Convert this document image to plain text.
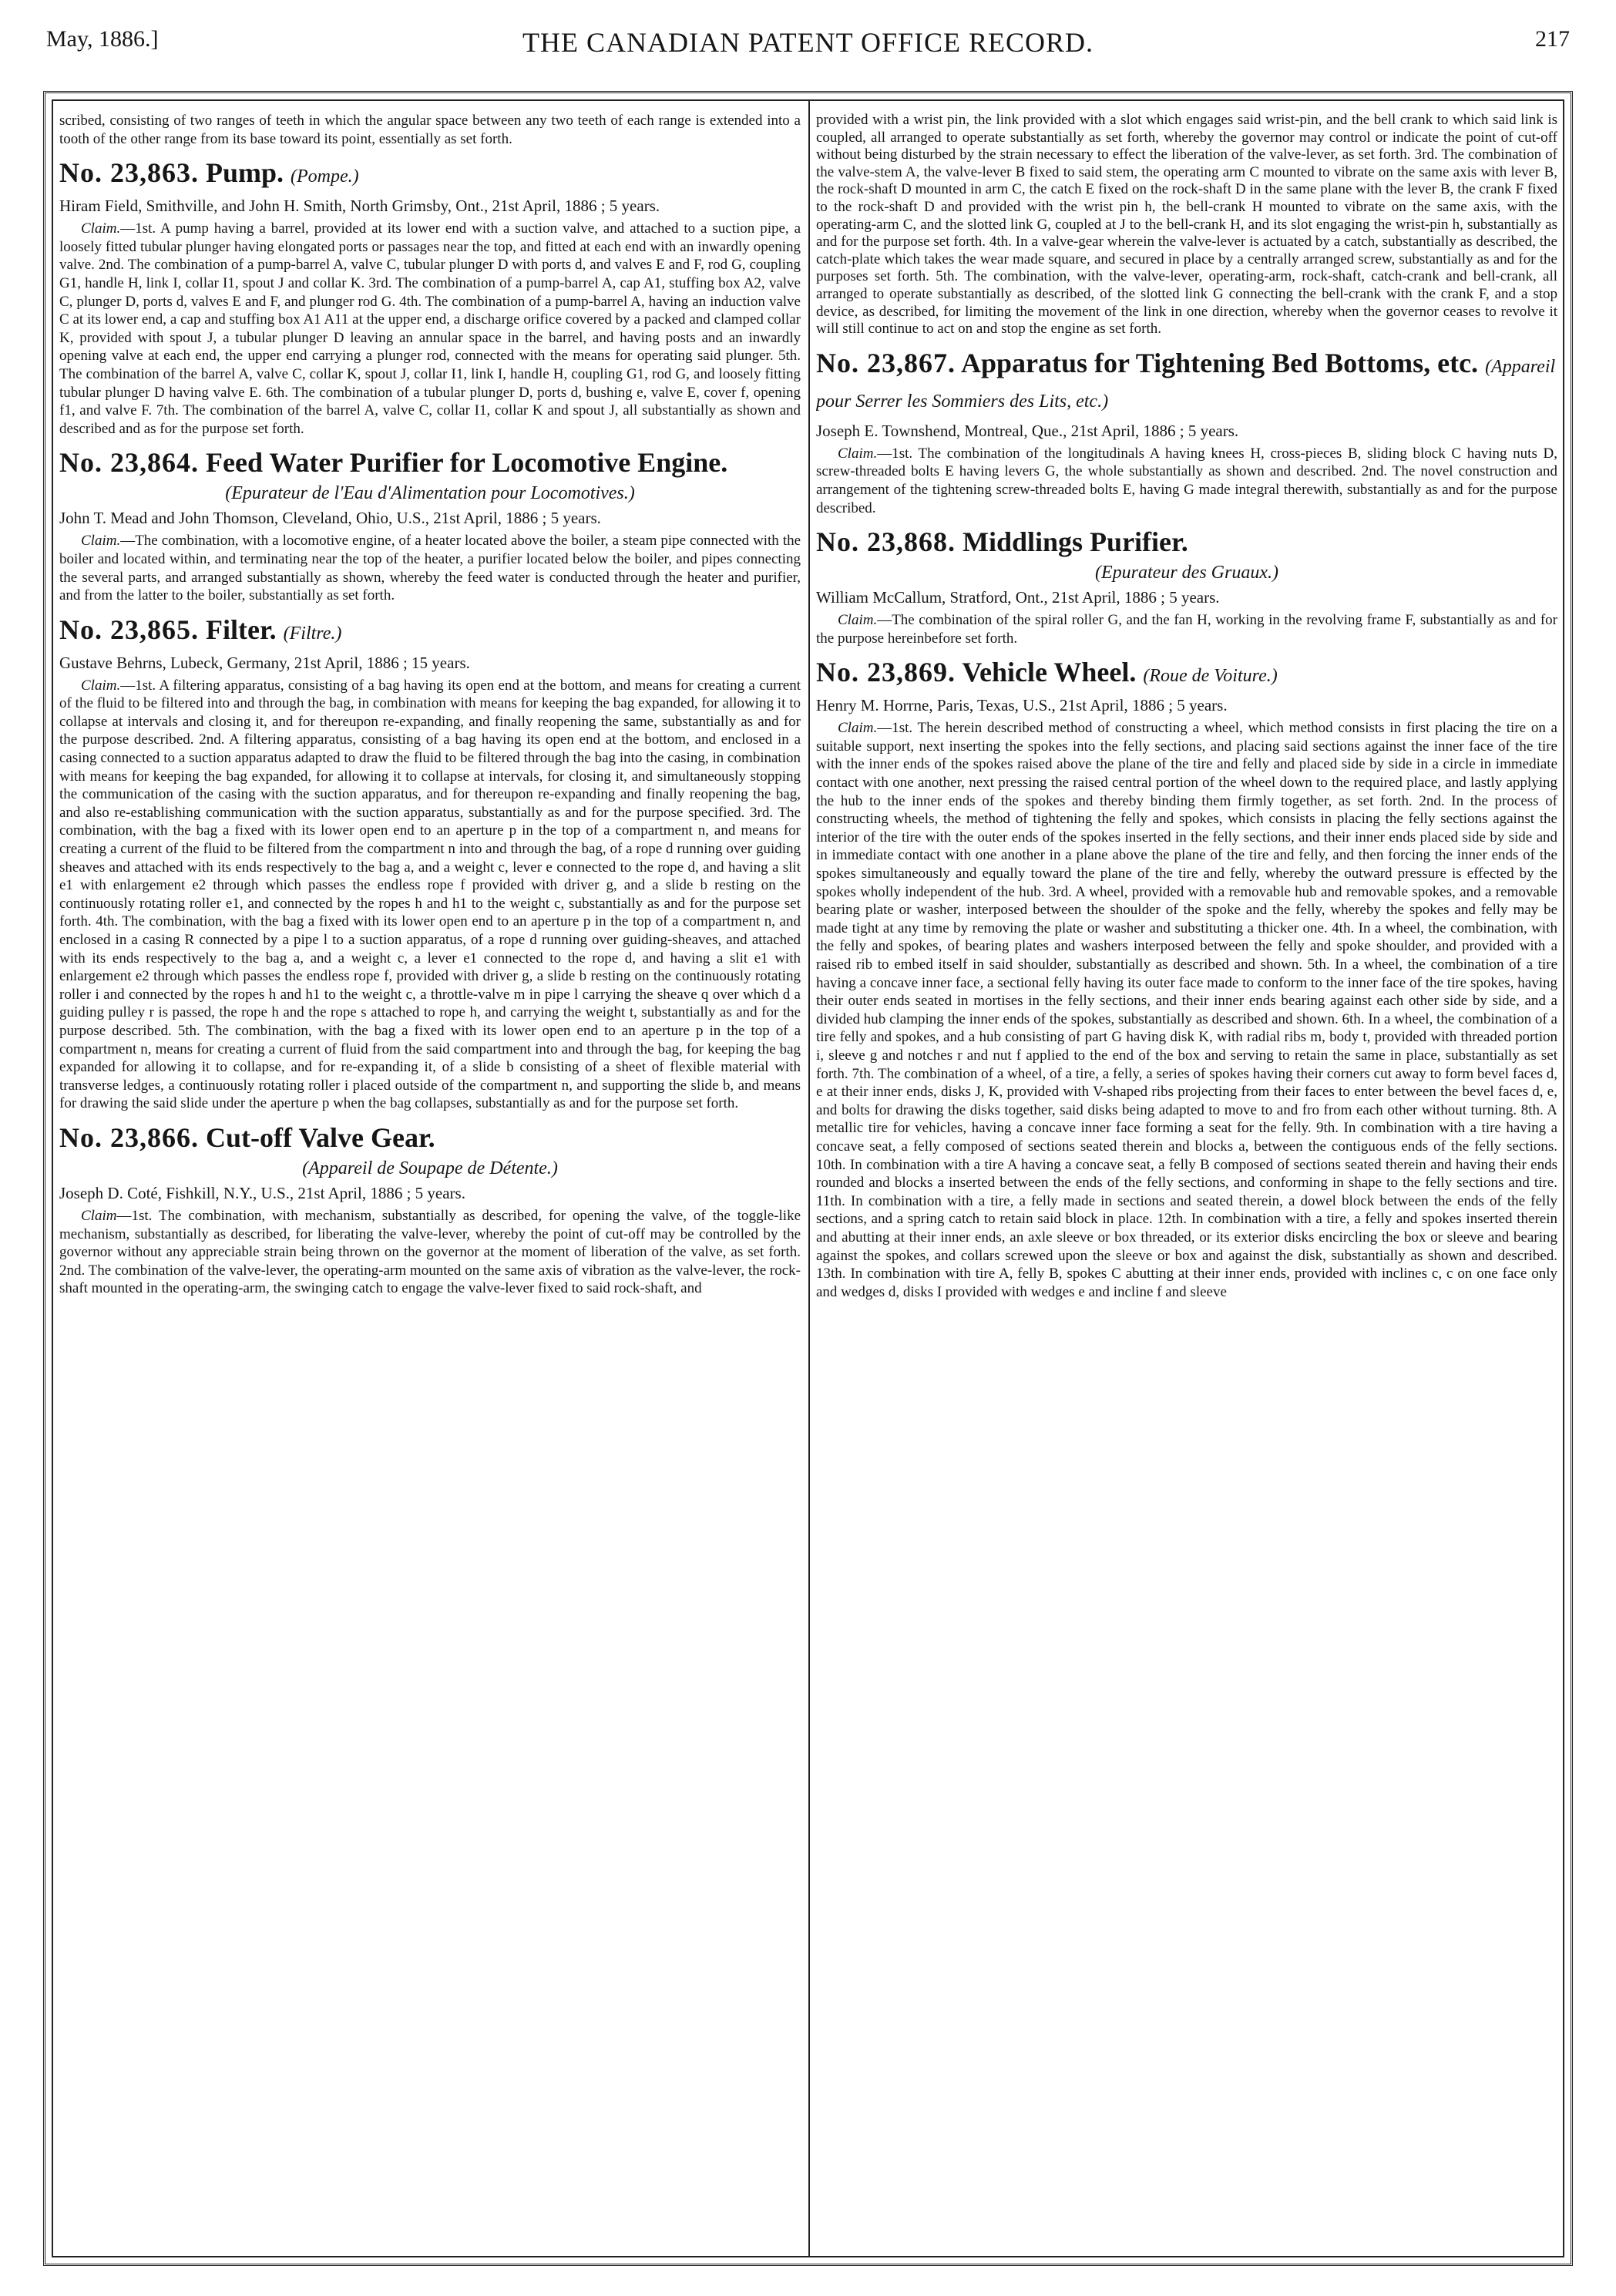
May, 1886.]	THE CANADIAN PATENT OFFICE RECORD.	217

scribed, consisting of two ranges of teeth in which the angular space between any two teeth of each range is extended into a tooth of the other range from its base toward its point, essentially as set forth.

No. 23,863. Pump. (Pompe.)
Hiram Field, Smithville, and John H. Smith, North Grimsby, Ont., 21st April, 1886 ; 5 years.

Claim.—1st. A pump having a barrel, provided at its lower end with a suction valve, and attached to a suction pipe, a loosely fitted tubular plunger having elongated ports or passages near the top, and fitted at each end with an inwardly opening valve. 2nd. The combination of a pump-barrel A, valve C, tubular plunger D with ports d, and valves E and F, rod G, coupling G1, handle H, link I, collar I1, spout J and collar K. 3rd. The combination of a pump-barrel A, cap A1, stuffing box A2, valve C, plunger D, ports d, valves E and F, and plunger rod G. 4th. The combination of a pump-barrel A, having an induction valve C at its lower end, a cap and stuffing box A1 A11 at the upper end, a discharge orifice covered by a packed and clamped collar K, provided with spout J, a tubular plunger D leaving an annular space in the barrel, and having posts and an inwardly opening valve at each end, the upper end carrying a plunger rod, connected with the means for operating said plunger. 5th. The combination of the barrel A, valve C, collar K, spout J, collar I1, link I, handle H, coupling G1, rod G, and loosely fitting tubular plunger D having valve E. 6th. The combination of a tubular plunger D, ports d, bushing e, valve E, cover f, opening f1, and valve F. 7th. The combination of the barrel A, valve C, collar I1, collar K and spout J, all substantially as shown and described and as for the purpose set forth.

No. 23,864. Feed Water Purifier for Locomotive Engine.
(Epurateur de l'Eau d'Alimentation pour Locomotives.)
John T. Mead and John Thomson, Cleveland, Ohio, U.S., 21st April, 1886 ; 5 years.

Claim.—The combination, with a locomotive engine, of a heater located above the boiler, a steam pipe connected with the boiler and located within, and terminating near the top of the heater, a purifier located below the boiler, and pipes connecting the several parts, and arranged substantially as shown, whereby the feed water is conducted through the heater and purifier, and from the latter to the boiler, substantially as set forth.

No. 23,865. Filter. (Filtre.)
Gustave Behrns, Lubeck, Germany, 21st April, 1886 ; 15 years.

Claim.—1st. A filtering apparatus, consisting of a bag having its open end at the bottom, and means for creating a current of the fluid to be filtered into and through the bag, in combination with means for keeping the bag expanded, for allowing it to collapse at intervals and closing it, and for thereupon re-expanding, and finally reopening the same, substantially as and for the purpose described. 2nd. A filtering apparatus, consisting of a bag having its open end at the bottom, and enclosed in a casing connected to a suction apparatus adapted to draw the fluid to be filtered through the bag into the casing, in combination with means for keeping the bag expanded, for allowing it to collapse at intervals, for closing it, and simultaneously stopping the communication of the casing with the suction apparatus, and for thereupon re-expanding and finally reopening the bag, and also re-establishing communication with the suction apparatus, substantially as and for the purpose specified. 3rd. The combination, with the bag a fixed with its lower open end to an aperture p in the top of a compartment n, and means for creating a current of the fluid to be filtered from the compartment n into and through the bag, of a rope d running over guiding sheaves and attached with its ends respectively to the bag a, and a weight c, lever e connected to the rope d, and having a slit e1 with enlargement e2 through which passes the endless rope f provided with driver g, and a slide b resting on the continuously rotating roller e1, and connected by the ropes h and h1 to the weight c, substantially as and for the purpose set forth. 4th. The combination, with the bag a fixed with its lower open end to an aperture p in the top of a compartment n, and enclosed in a casing R connected by a pipe l to a suction apparatus, of a rope d running over guiding-sheaves, and attached with its ends respectively to the bag a, and a weight c, a lever e1 connected to the rope d, and having a slit e1 with enlargement e2 through which passes the endless rope f, provided with driver g, a slide b resting on the continuously rotating roller i and connected by the ropes h and h1 to the weight c, a throttle-valve m in pipe l carrying the sheave q over which d a guiding pulley r is passed, the rope h and the rope s attached to rope h, and carrying the weight t, substantially as and for the purpose described. 5th. The combination, with the bag a fixed with its lower open end to an aperture p in the top of a compartment n, means for creating a current of fluid from the said compartment into and through the bag, for keeping the bag expanded for allowing it to collapse, and for re-expanding it, of a slide b consisting of a sheet of flexible material with transverse ledges, a continuously rotating roller i placed outside of the compartment n, and supporting the slide b, and means for drawing the said slide under the aperture p when the bag collapses, substantially as and for the purpose set forth.

No. 23,866. Cut-off Valve Gear.
(Appareil de Soupape de Détente.)
Joseph D. Coté, Fishkill, N.Y., U.S., 21st April, 1886 ; 5 years.

Claim—1st. The combination, with mechanism, substantially as described, for opening the valve, of the toggle-like mechanism, substantially as described, for liberating the valve-lever, whereby the point of cut-off may be controlled by the governor without any appreciable strain being thrown on the governor at the moment of liberation of the valve, as set forth. 2nd. The combination of the valve-lever, the operating-arm mounted on the same axis of vibration as the valve-lever, the rock-shaft mounted in the operating-arm, the swinging catch to engage the valve-lever fixed to said rock-shaft, and

provided with a wrist pin, the link provided with a slot which engages said wrist-pin, and the bell crank to which said link is coupled, all arranged to operate substantially as set forth, whereby the governor may control or indicate the point of cut-off without being disturbed by the strain necessary to effect the liberation of the valve-lever, as set forth. 3rd. The combination of the valve-stem A, the valve-lever B fixed to said stem, the operating arm C mounted to vibrate on the same axis with lever B, the rock-shaft D mounted in arm C, the catch E fixed on the rock-shaft D in the same plane with the lever B, the crank F fixed to the rock-shaft D and provided with the wrist pin h, the bell-crank H mounted to vibrate on the same axis, with the operating-arm C, and the slotted link G, coupled at J to the bell-crank H, and its slot engaging the wrist-pin h, substantially as and for the purpose set forth. 4th. In a valve-gear wherein the valve-lever is actuated by a catch, substantially as described, the catch-plate which takes the wear made square, and secured in place by a centrally arranged screw, substantially as and for the purposes set forth. 5th. The combination, with the valve-lever, operating-arm, rock-shaft, catch-crank and bell-crank, all arranged to operate substantially as described, of the slotted link G connecting the bell-crank with the crank F, and a stop device, as described, for limiting the movement of the link in one direction, whereby when the governor ceases to revolve it will still continue to act on and stop the engine as set forth.

No. 23,867. Apparatus for Tightening Bed Bottoms, etc. (Appareil pour Serrer les Sommiers des Lits, etc.)
Joseph E. Townshend, Montreal, Que., 21st April, 1886 ; 5 years.

Claim.—1st. The combination of the longitudinals A having knees H, cross-pieces B, sliding block C having nuts D, screw-threaded bolts E having levers G, the whole substantially as shown and described. 2nd. The novel construction and arrangement of the tightening screw-threaded bolts E, having G made integral therewith, substantially as and for the purpose described.

No. 23,868. Middlings Purifier.
(Epurateur des Gruaux.)
William McCallum, Stratford, Ont., 21st April, 1886 ; 5 years.

Claim.—The combination of the spiral roller G, and the fan H, working in the revolving frame F, substantially as and for the purpose hereinbefore set forth.

No. 23,869. Vehicle Wheel. (Roue de Voiture.)
Henry M. Horrne, Paris, Texas, U.S., 21st April, 1886 ; 5 years.

Claim.—1st. The herein described method of constructing a wheel, which method consists in first placing the tire on a suitable support, next inserting the spokes into the felly sections, and placing said sections against the inner face of the tire with the inner ends of the spokes raised above the plane of the tire and felly and placed side by side in a circle in immediate contact with one another, next pressing the raised central portion of the wheel down to the required place, and lastly applying the hub to the inner ends of the spokes and thereby binding them firmly together, as set forth. 2nd. In the process of constructing wheels, the method of tightening the felly and spokes, which consists in placing the felly sections against the interior of the tire with the outer ends of the spokes inserted in the felly sections, and their inner ends placed side by side and in immediate contact with one another in a plane above the plane of the tire and felly, and then forcing the inner ends of the spokes simultaneously and equally toward the plane of the tire and felly, whereby the outward pressure is effected by the spokes wholly independent of the hub. 3rd. A wheel, provided with a removable hub and removable spokes, and a removable bearing plate or washer, interposed between the shoulder of the spoke and the felly, whereby the spokes and felly may be made tight at any time by removing the plate or washer and substituting a thicker one. 4th. In a wheel, the combination, with the felly and spokes, of bearing plates and washers interposed between the felly and spoke shoulder, and provided with a raised rib to embed itself in said shoulder, substantially as described and shown. 5th. In a wheel, the combination of a tire having a concave inner face, a sectional felly having its outer face made to conform to the inner face of the tire spokes, having their outer ends seated in mortises in the felly sections, and their inner ends bearing against each other side by side, and a divided hub clamping the inner ends of the spokes, substantially as described and shown. 6th. In a wheel, the combination of a tire felly and spokes, and a hub consisting of part G having disk K, with radial ribs m, body t, provided with threaded portion i, sleeve g and notches r and nut f applied to the end of the box and serving to retain the same in place, substantially as set forth. 7th. The combination of a wheel, of a tire, a felly, a series of spokes having their corners cut away to form bevel faces d, e at their inner ends, disks J, K, provided with V-shaped ribs projecting from their faces to enter between the bevel faces d, e, and bolts for drawing the disks together, said disks being adapted to move to and fro from each other without turning. 8th. A metallic tire for vehicles, having a concave inner face forming a seat for the felly. 9th. In combination with a tire having a concave seat, a felly composed of sections seated therein and blocks a, between the contiguous ends of the felly sections. 10th. In combination with a tire A having a concave seat, a felly B composed of sections seated therein and having their ends rounded and blocks a inserted between the ends of the felly sections, and conforming in shape to the felly sections and tire. 11th. In combination with a tire, a felly made in sections and seated therein, a dowel block between the ends of the felly sections, and a spring catch to retain said block in place. 12th. In combination with a tire, a felly and spokes inserted therein and abutting at their inner ends, an axle sleeve or box threaded, or its exterior disks encircling the box or sleeve and bearing against the spokes, and collars screwed upon the sleeve or box and against the disk, substantially as shown and described. 13th. In combination with tire A, felly B, spokes C abutting at their inner ends, provided with inclines c, c on one face only and wedges d, disks I provided with wedges e and incline f and sleeve
